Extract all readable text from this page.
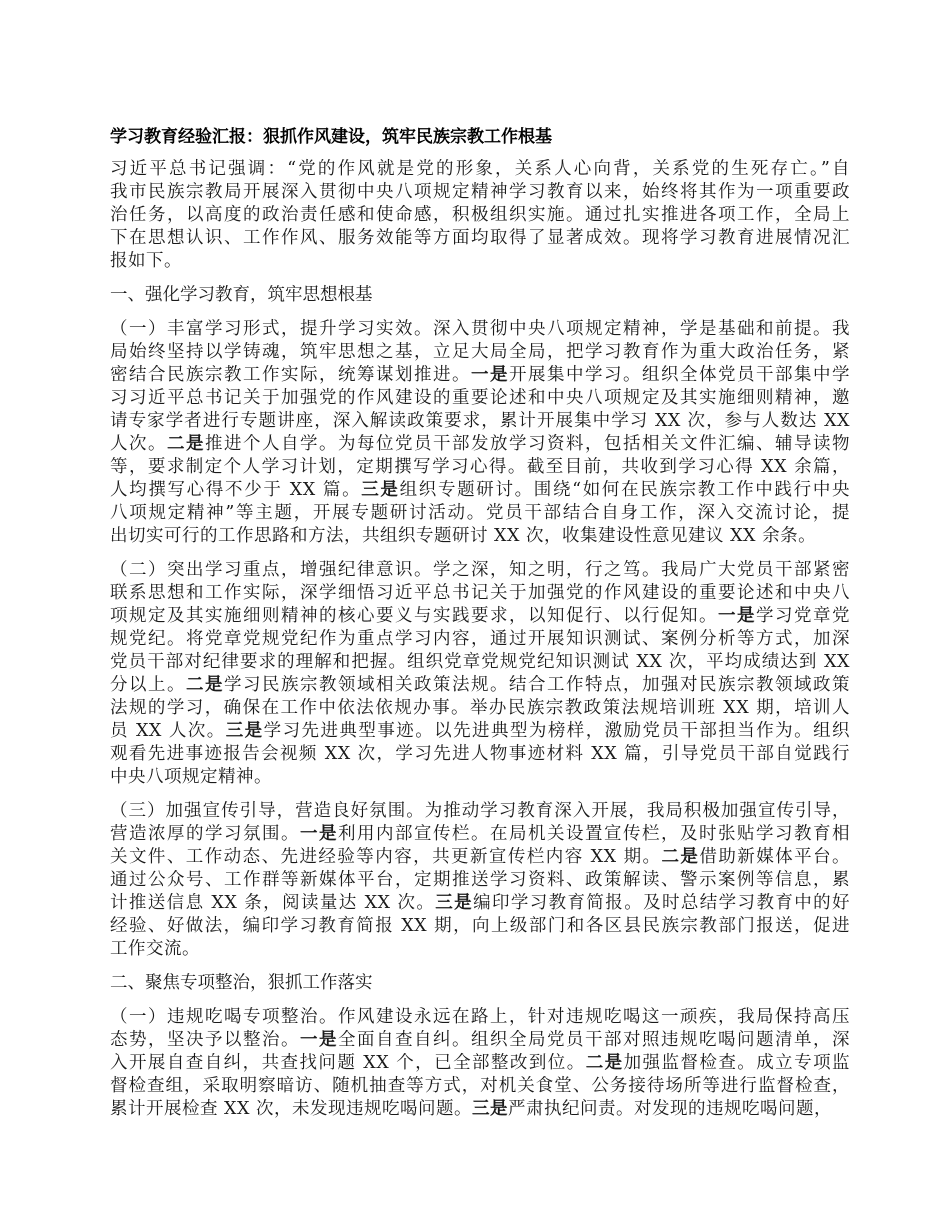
学习教育经验汇报：狠抓作风建设，筑牢民族宗教工作根基
习近平总书记强调：“党的作风就是党的形象，关系人心向背，关系党的生死存亡。”自
我市民族宗教局开展深入贯彻中央八项规定精神学习教育以来，始终将其作为一项重要政
治任务，以高度的政治责任感和使命感，积极组织实施。通过扎实推进各项工作，全局上
下在思想认识、工作作风、服务效能等方面均取得了显著成效。现将学习教育进展情况汇
报如下。
一、强化学习教育，筑牢思想根基
（一）丰富学习形式，提升学习实效。深入贯彻中央八项规定精神，学是基础和前提。我
局始终坚持以学铸魂，筑牢思想之基，立足大局全局，把学习教育作为重大政治任务，紧
密结合民族宗教工作实际，统筹谋划推进。一是开展集中学习。组织全体党员干部集中学
习习近平总书记关于加强党的作风建设的重要论述和中央八项规定及其实施细则精神，邀
请专家学者进行专题讲座，深入解读政策要求，累计开展集中学习 XX 次，参与人数达 XX
人次。二是推进个人自学。为每位党员干部发放学习资料，包括相关文件汇编、辅导读物
等，要求制定个人学习计划，定期撰写学习心得。截至目前，共收到学习心得 XX 余篇，
人均撰写心得不少于 XX 篇。三是组织专题研讨。围绕“如何在民族宗教工作中践行中央
八项规定精神”等主题，开展专题研讨活动。党员干部结合自身工作，深入交流讨论，提
出切实可行的工作思路和方法，共组织专题研讨 XX 次，收集建设性意见建议 XX 余条。
（二）突出学习重点，增强纪律意识。学之深，知之明，行之笃。我局广大党员干部紧密
联系思想和工作实际，深学细悟习近平总书记关于加强党的作风建设的重要论述和中央八
项规定及其实施细则精神的核心要义与实践要求，以知促行、以行促知。一是学习党章党
规党纪。将党章党规党纪作为重点学习内容，通过开展知识测试、案例分析等方式，加深
党员干部对纪律要求的理解和把握。组织党章党规党纪知识测试 XX 次，平均成绩达到 XX
分以上。二是学习民族宗教领域相关政策法规。结合工作特点，加强对民族宗教领域政策
法规的学习，确保在工作中依法依规办事。举办民族宗教政策法规培训班 XX 期，培训人
员 XX 人次。三是学习先进典型事迹。以先进典型为榜样，激励党员干部担当作为。组织
观看先进事迹报告会视频 XX 次，学习先进人物事迹材料 XX 篇，引导党员干部自觉践行
中央八项规定精神。
（三）加强宣传引导，营造良好氛围。为推动学习教育深入开展，我局积极加强宣传引导，
营造浓厚的学习氛围。一是利用内部宣传栏。在局机关设置宣传栏，及时张贴学习教育相
关文件、工作动态、先进经验等内容，共更新宣传栏内容 XX 期。二是借助新媒体平台。
通过公众号、工作群等新媒体平台，定期推送学习资料、政策解读、警示案例等信息，累
计推送信息 XX 条，阅读量达 XX 次。三是编印学习教育简报。及时总结学习教育中的好
经验、好做法，编印学习教育简报 XX 期，向上级部门和各区县民族宗教部门报送，促进
工作交流。
二、聚焦专项整治，狠抓工作落实
（一）违规吃喝专项整治。作风建设永远在路上，针对违规吃喝这一顽疾，我局保持高压
态势，坚决予以整治。一是全面自查自纠。组织全局党员干部对照违规吃喝问题清单，深
入开展自查自纠，共查找问题 XX 个，已全部整改到位。二是加强监督检查。成立专项监
督检查组，采取明察暗访、随机抽查等方式，对机关食堂、公务接待场所等进行监督检查，
累计开展检查 XX 次，未发现违规吃喝问题。三是严肃执纪问责。对发现的违规吃喝问题，
